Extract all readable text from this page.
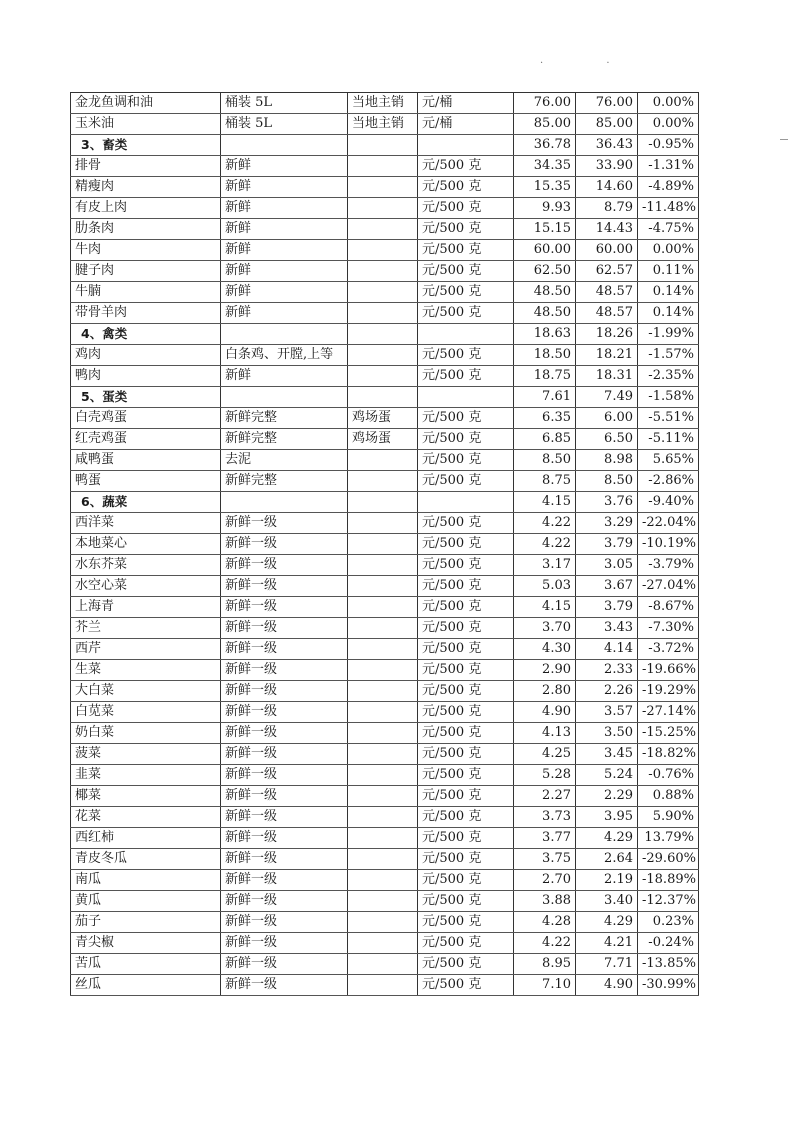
· ·
金龙鱼调和油	桶装 5L	当地主销	元/桶	76.00	76.00	0.00%
玉米油	桶装 5L	当地主销	元/桶	85.00	85.00	0.00%
3、畜类				36.78	36.43	-0.95%
排骨	新鲜		元/500 克	34.35	33.90	-1.31%
精瘦肉	新鲜		元/500 克	15.35	14.60	-4.89%
有皮上肉	新鲜		元/500 克	9.93	8.79	-11.48%
肋条肉	新鲜		元/500 克	15.15	14.43	-4.75%
牛肉	新鲜		元/500 克	60.00	60.00	0.00%
腱子肉	新鲜		元/500 克	62.50	62.57	0.11%
牛腩	新鲜		元/500 克	48.50	48.57	0.14%
带骨羊肉	新鲜		元/500 克	48.50	48.57	0.14%
4、禽类				18.63	18.26	-1.99%
鸡肉	白条鸡、开膛,上等		元/500 克	18.50	18.21	-1.57%
鸭肉	新鲜		元/500 克	18.75	18.31	-2.35%
5、蛋类				7.61	7.49	-1.58%
白壳鸡蛋	新鲜完整	鸡场蛋	元/500 克	6.35	6.00	-5.51%
红壳鸡蛋	新鲜完整	鸡场蛋	元/500 克	6.85	6.50	-5.11%
咸鸭蛋	去泥		元/500 克	8.50	8.98	5.65%
鸭蛋	新鲜完整		元/500 克	8.75	8.50	-2.86%
6、蔬菜				4.15	3.76	-9.40%
西洋菜	新鲜一级		元/500 克	4.22	3.29	-22.04%
本地菜心	新鲜一级		元/500 克	4.22	3.79	-10.19%
水东芥菜	新鲜一级		元/500 克	3.17	3.05	-3.79%
水空心菜	新鲜一级		元/500 克	5.03	3.67	-27.04%
上海青	新鲜一级		元/500 克	4.15	3.79	-8.67%
芥兰	新鲜一级		元/500 克	3.70	3.43	-7.30%
西芹	新鲜一级		元/500 克	4.30	4.14	-3.72%
生菜	新鲜一级		元/500 克	2.90	2.33	-19.66%
大白菜	新鲜一级		元/500 克	2.80	2.26	-19.29%
白苋菜	新鲜一级		元/500 克	4.90	3.57	-27.14%
奶白菜	新鲜一级		元/500 克	4.13	3.50	-15.25%
菠菜	新鲜一级		元/500 克	4.25	3.45	-18.82%
韭菜	新鲜一级		元/500 克	5.28	5.24	-0.76%
椰菜	新鲜一级		元/500 克	2.27	2.29	0.88%
花菜	新鲜一级		元/500 克	3.73	3.95	5.90%
西红柿	新鲜一级		元/500 克	3.77	4.29	13.79%
青皮冬瓜	新鲜一级		元/500 克	3.75	2.64	-29.60%
南瓜	新鲜一级		元/500 克	2.70	2.19	-18.89%
黄瓜	新鲜一级		元/500 克	3.88	3.40	-12.37%
茄子	新鲜一级		元/500 克	4.28	4.29	0.23%
青尖椒	新鲜一级		元/500 克	4.22	4.21	-0.24%
苦瓜	新鲜一级		元/500 克	8.95	7.71	-13.85%
丝瓜	新鲜一级		元/500 克	7.10	4.90	-30.99%
